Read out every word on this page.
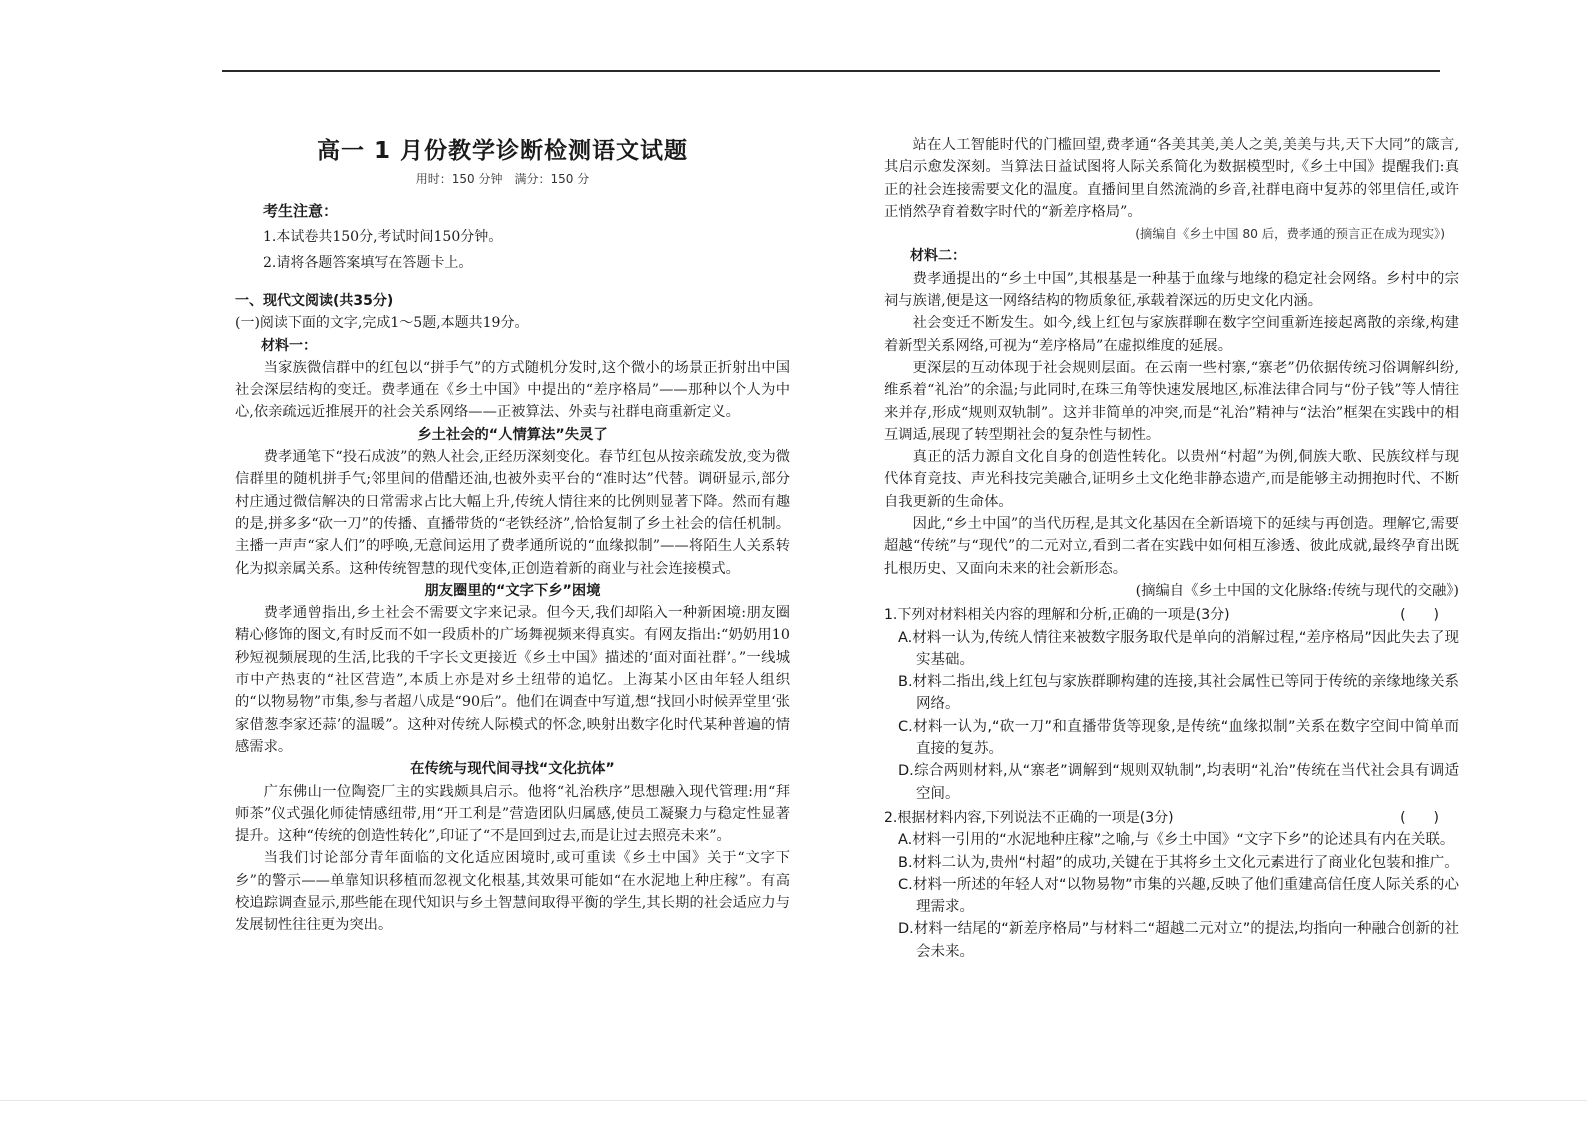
高一 1 月份教学诊断检测语文试题
用时：150 分钟　满分：150 分
考生注意：
1.本试卷共150分,考试时间150分钟。
2.请将各题答案填写在答题卡上。
一、现代文阅读(共35分)
(一)阅读下面的文字,完成1～5题,本题共19分。
材料一：

当家族微信群中的红包以“拼手气”的方式随机分发时,这个微小的场景正折射出中国社会深层结构的变迁。费孝通在《乡土中国》中提出的“差序格局”——那种以个人为中心,依亲疏远近推展开的社会关系网络——正被算法、外卖与社群电商重新定义。

乡土社会的“人情算法”失灵了

费孝通笔下“投石成波”的熟人社会,正经历深刻变化。春节红包从按亲疏发放,变为微信群里的随机拼手气;邻里间的借醋还油,也被外卖平台的“准时达”代替。调研显示,部分村庄通过微信解决的日常需求占比大幅上升,传统人情往来的比例则显著下降。然而有趣的是,拼多多“砍一刀”的传播、直播带货的“老铁经济”,恰恰复制了乡土社会的信任机制。主播一声声“家人们”的呼唤,无意间运用了费孝通所说的“血缘拟制”——将陌生人关系转化为拟亲属关系。这种传统智慧的现代变体,正创造着新的商业与社会连接模式。

朋友圈里的“文字下乡”困境

费孝通曾指出,乡土社会不需要文字来记录。但今天,我们却陷入一种新困境:朋友圈精心修饰的图文,有时反而不如一段质朴的广场舞视频来得真实。有网友指出:“奶奶用10秒短视频展现的生活,比我的千字长文更接近《乡土中国》描述的‘面对面社群’。”一线城市中产热衷的“社区营造”,本质上亦是对乡土纽带的追忆。上海某小区由年轻人组织的“以物易物”市集,参与者超八成是“90后”。他们在调查中写道,想“找回小时候弄堂里‘张家借葱李家还蒜’的温暖”。这种对传统人际模式的怀念,映射出数字化时代某种普遍的情感需求。

在传统与现代间寻找“文化抗体”

广东佛山一位陶瓷厂主的实践颇具启示。他将“礼治秩序”思想融入现代管理:用“拜师茶”仪式强化师徒情感纽带,用“开工利是”营造团队归属感,使员工凝聚力与稳定性显著提升。这种“传统的创造性转化”,印证了“不是回到过去,而是让过去照亮未来”。

当我们讨论部分青年面临的文化适应困境时,或可重读《乡土中国》关于“文字下乡”的警示——单靠知识移植而忽视文化根基,其效果可能如“在水泥地上种庄稼”。有高校追踪调查显示,那些能在现代知识与乡土智慧间取得平衡的学生,其长期的社会适应力与发展韧性往往更为突出。

站在人工智能时代的门槛回望,费孝通“各美其美,美人之美,美美与共,天下大同”的箴言,其启示愈发深刻。当算法日益试图将人际关系简化为数据模型时,《乡土中国》提醒我们:真正的社会连接需要文化的温度。直播间里自然流淌的乡音,社群电商中复苏的邻里信任,或许正悄然孕育着数字时代的“新差序格局”。

(摘编自《乡土中国 80 后，费孝通的预言正在成为现实》)
材料二：

费孝通提出的“乡土中国”,其根基是一种基于血缘与地缘的稳定社会网络。乡村中的宗祠与族谱,便是这一网络结构的物质象征,承载着深远的历史文化内涵。

社会变迁不断发生。如今,线上红包与家族群聊在数字空间重新连接起离散的亲缘,构建着新型关系网络,可视为“差序格局”在虚拟维度的延展。

更深层的互动体现于社会规则层面。在云南一些村寨,“寨老”仍依据传统习俗调解纠纷,维系着“礼治”的余温;与此同时,在珠三角等快速发展地区,标准法律合同与“份子钱”等人情往来并存,形成“规则双轨制”。这并非简单的冲突,而是“礼治”精神与“法治”框架在实践中的相互调适,展现了转型期社会的复杂性与韧性。

真正的活力源自文化自身的创造性转化。以贵州“村超”为例,侗族大歌、民族纹样与现代体育竞技、声光科技完美融合,证明乡土文化绝非静态遗产,而是能够主动拥抱时代、不断自我更新的生命体。

因此,“乡土中国”的当代历程,是其文化基因在全新语境下的延续与再创造。理解它,需要超越“传统”与“现代”的二元对立,看到二者在实践中如何相互渗透、彼此成就,最终孕育出既扎根历史、又面向未来的社会新形态。

(摘编自《乡土中国的文化脉络:传统与现代的交融》)
1.下列对材料相关内容的理解和分析,正确的一项是(3分)	(　　)
A.材料一认为,传统人情往来被数字服务取代是单向的消解过程,“差序格局”因此失去了现实基础。
B.材料二指出,线上红包与家族群聊构建的连接,其社会属性已等同于传统的亲缘地缘关系网络。
C.材料一认为,“砍一刀”和直播带货等现象,是传统“血缘拟制”关系在数字空间中简单而直接的复苏。
D.综合两则材料,从“寨老”调解到“规则双轨制”,均表明“礼治”传统在当代社会具有调适空间。
2.根据材料内容,下列说法不正确的一项是(3分)	(　　)
A.材料一引用的“水泥地种庄稼”之喻,与《乡土中国》“文字下乡”的论述具有内在关联。
B.材料二认为,贵州“村超”的成功,关键在于其将乡土文化元素进行了商业化包装和推广。
C.材料一所述的年轻人对“以物易物”市集的兴趣,反映了他们重建高信任度人际关系的心理需求。
D.材料一结尾的“新差序格局”与材料二“超越二元对立”的提法,均指向一种融合创新的社会未来。
